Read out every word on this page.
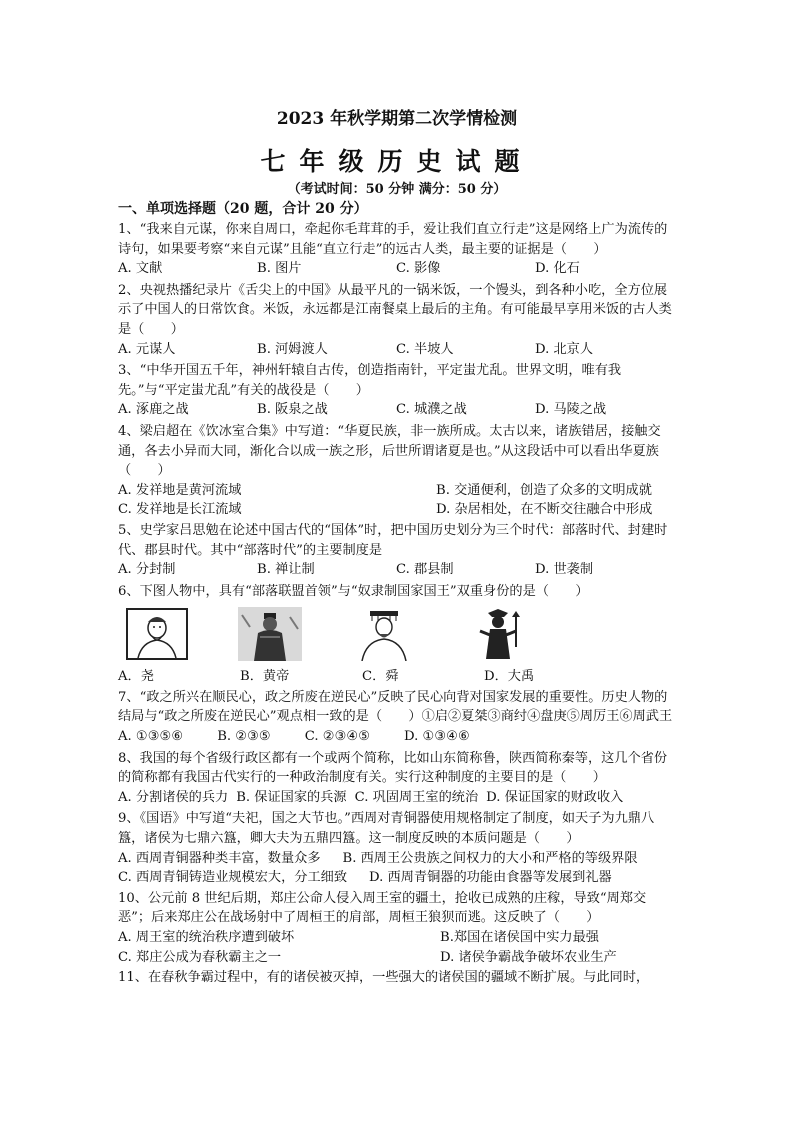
2023 年秋学期第二次学情检测
七年级历史试题
（考试时间：50 分钟 满分：50 分）
一、单项选择题（20 题，合计 20 分）
1、“我来自元谋，你来自周口，牵起你毛茸茸的手，爱让我们直立行走”这是网络上广为流传的诗句，如果要考察“来自元谋”且能“直立行走”的远古人类，最主要的证据是（　　）
A. 文献	B. 图片	C. 影像	D. 化石
2、央视热播纪录片《舌尖上的中国》从最平凡的一锅米饭，一个馒头，到各种小吃，全方位展示了中国人的日常饮食。米饭，永远都是江南餐桌上最后的主角。有可能最早享用米饭的古人类是（　　）
A. 元谋人	B. 河姆渡人	C. 半坡人	D. 北京人
3、“中华开国五千年，神州轩辕自古传，创造指南针，平定蚩尤乱。世界文明，唯有我先。”与“平定蚩尤乱”有关的战役是（　　）
A. 涿鹿之战	B. 阪泉之战	C. 城濮之战	D. 马陵之战
4、梁启超在《饮冰室合集》中写道：“华夏民族，非一族所成。太古以来，诸族错居，接触交通，各去小异而大同，渐化合以成一族之形，后世所谓诸夏是也。”从这段话中可以看出华夏族（　　）
A. 发祥地是黄河流域	B. 交通便利，创造了众多的文明成就
C. 发祥地是长江流域	D. 杂居相处，在不断交往融合中形成
5、史学家吕思勉在论述中国古代的“国体”时，把中国历史划分为三个时代：部落时代、封建时代、郡县时代。其中“部落时代”的主要制度是
A. 分封制	B. 禅让制	C. 郡县制	D. 世袭制
6、下图人物中，具有“部落联盟首领”与“奴隶制国家国王”双重身份的是（　　）
A．尧	B．黄帝	C．舜	D．大禹
7、“政之所兴在顺民心，政之所废在逆民心”反映了民心向背对国家发展的重要性。历史人物的结局与“政之所废在逆民心”观点相一致的是（　　）①启②夏桀③商纣④盘庚⑤周厉王⑥周武王
A. ①③⑤⑥	B. ②③⑤	C. ②③④⑤	D. ①③④⑥
8、我国的每个省级行政区都有一个或两个简称，比如山东简称鲁，陕西简称秦等，这几个省份的简称都有我国古代实行的一种政治制度有关。实行这种制度的主要目的是（　　）
A. 分割诸侯的兵力 B. 保证国家的兵源 C. 巩固周王室的统治 D. 保证国家的财政收入
9、《国语》中写道“夫祀，国之大节也。”西周对青铜器使用规格制定了制度，如天子为九鼎八簋，诸侯为七鼎六簋，卿大夫为五鼎四簋。这一制度反映的本质问题是（　　）
A. 西周青铜器种类丰富，数量众多 B. 西周王公贵族之间权力的大小和严格的等级界限
C. 西周青铜铸造业规模宏大，分工细致 D. 西周青铜器的功能由食器等发展到礼器
10、公元前 8 世纪后期，郑庄公命人侵入周王室的疆土，抢收已成熟的庄稼，导致“周郑交恶”；后来郑庄公在战场射中了周桓王的肩部，周桓王狼狈而逃。这反映了（　　）
A. 周王室的统治秩序遭到破坏	B.郑国在诸侯国中实力最强
C. 郑庄公成为春秋霸主之一	D. 诸侯争霸战争破坏农业生产
11、在春秋争霸过程中，有的诸侯被灭掉，一些强大的诸侯国的疆域不断扩展。与此同时，
